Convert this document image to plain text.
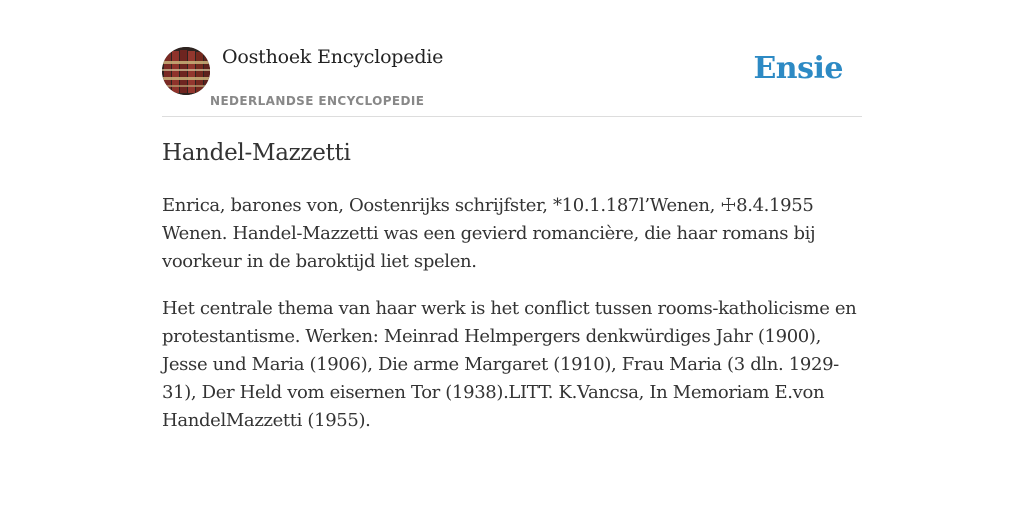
Oosthoek Encyclopedie
NEDERLANDSE ENCYCLOPEDIE
Ensie
Handel-Mazzetti

Enrica, barones von, Oostenrijks schrijfster, *10.1.187l’Wenen, ☩8.4.1955 Wenen. Handel-Mazzetti was een gevierd romancière, die haar romans bij voorkeur in de baroktijd liet spelen.

Het centrale thema van haar werk is het conflict tussen rooms-katholicisme en protestantisme. Werken: Meinrad Helmpergers denkwürdiges Jahr (1900), Jesse und Maria (1906), Die arme Margaret (1910), Frau Maria (3 dln. 1929-31), Der Held vom eisernen Tor (1938).LITT. K.Vancsa, In Memoriam E.von HandelMazzetti (1955).
